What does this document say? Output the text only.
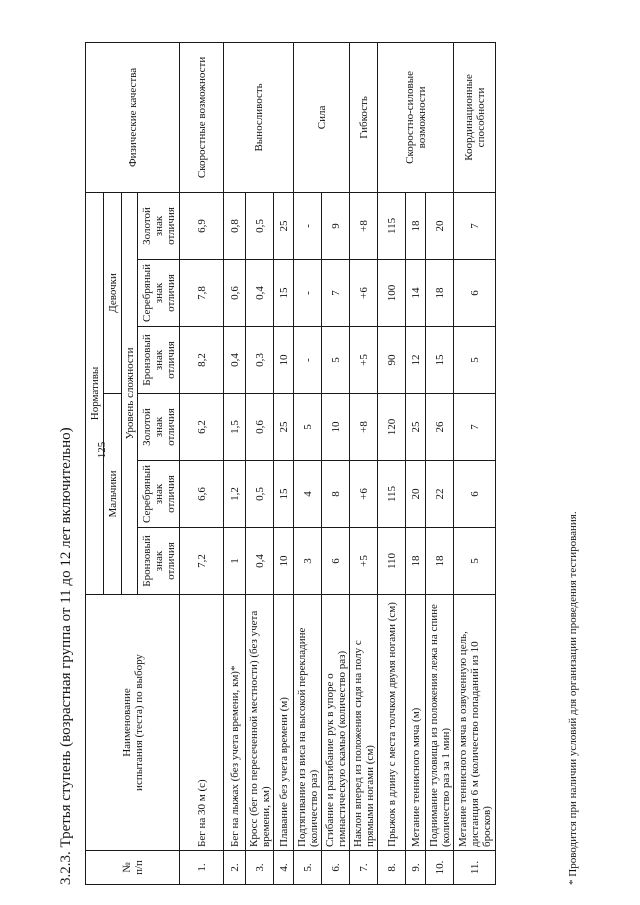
125
3.2.3. Третья ступень (возрастная группа от 11 до 12 лет включительно)	№
п/п	Наименование
испытания (теста) по выбору	Нормативы						Физические качества
		Мальчики			Девочки			
		Уровень сложности						
		Бронзовый знак отличия	Серебряный знак отличия	Золотой знак отличия	Бронзовый знак отличия	Серебряный знак отличия	Золотой знак отличия	
1.	Бег на 30 м (с)	7,2	6,6	6,2	8,2	7,8	6,9	Скоростные возможности
2.	Бег на лыжах (без учета времени, км)*	1	1,2	1,5	0,4	0,6	0,8	Выносливость
3.	Кросс (бег по пересеченной местности) (без учета времени, км)	0,4	0,5	0,6	0,3	0,4	0,5	
4.	Плавание без учета времени (м)	10	15	25	10	15	25	
5.	Подтягивание из виса на высокой перекладине (количество раз)	3	4	5	-	-	-	Сила
6.	Сгибание и разгибание рук в упоре о гимнастическую скамью (количество раз)	6	8	10	5	7	9	
7.	Наклон вперед из положения сидя на полу с прямыми ногами (см)	+5	+6	+8	+5	+6	+8	Гибкость
8.	Прыжок в длину с места толчком двумя ногами (см)	110	115	120	90	100	115	Скоростно-силовые возможности
9.	Метание теннисного мяча (м)	18	20	25	12	14	18	
10.	Поднимание туловища из положения лежа на спине (количество раз за 1 мин)	18	22	26	15	18	20	
11.	Метание теннисного мяча в озвученную цель, дистанция 6 м (количество попаданий из 10 бросков)	5	6	7	5	6	7	Координационные способности
* Проводится при наличии условий для организации проведения тестирования.
